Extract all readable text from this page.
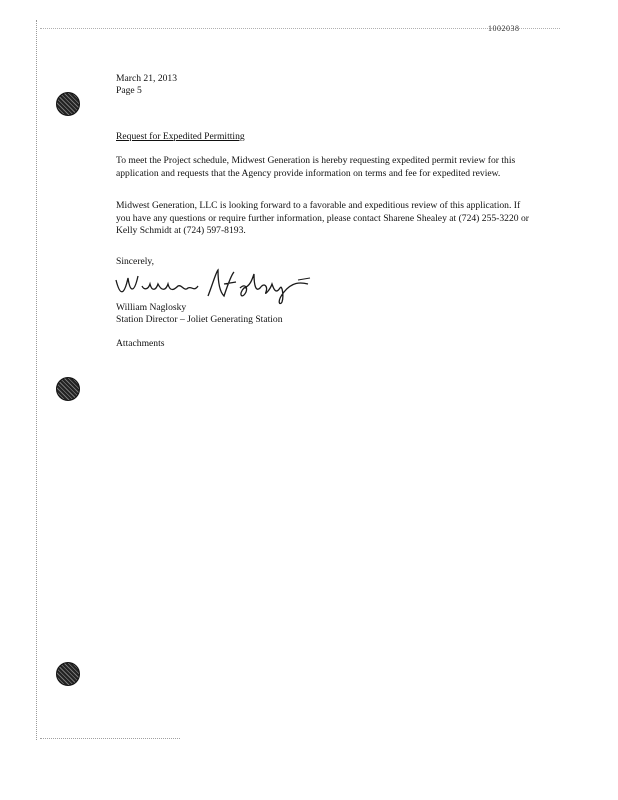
1002038
March 21, 2013
Page 5
Request for Expedited Permitting
To meet the Project schedule, Midwest Generation is hereby requesting expedited permit review for this application and requests that the Agency provide information on terms and fee for expedited review.
Midwest Generation, LLC is looking forward to a favorable and expeditious review of this application. If you have any questions or require further information, please contact Sharene Shealey at (724) 255-3220 or Kelly Schmidt at (724) 597-8193.
Sincerely,
William Naglosky
Station Director – Joliet Generating Station
Attachments
